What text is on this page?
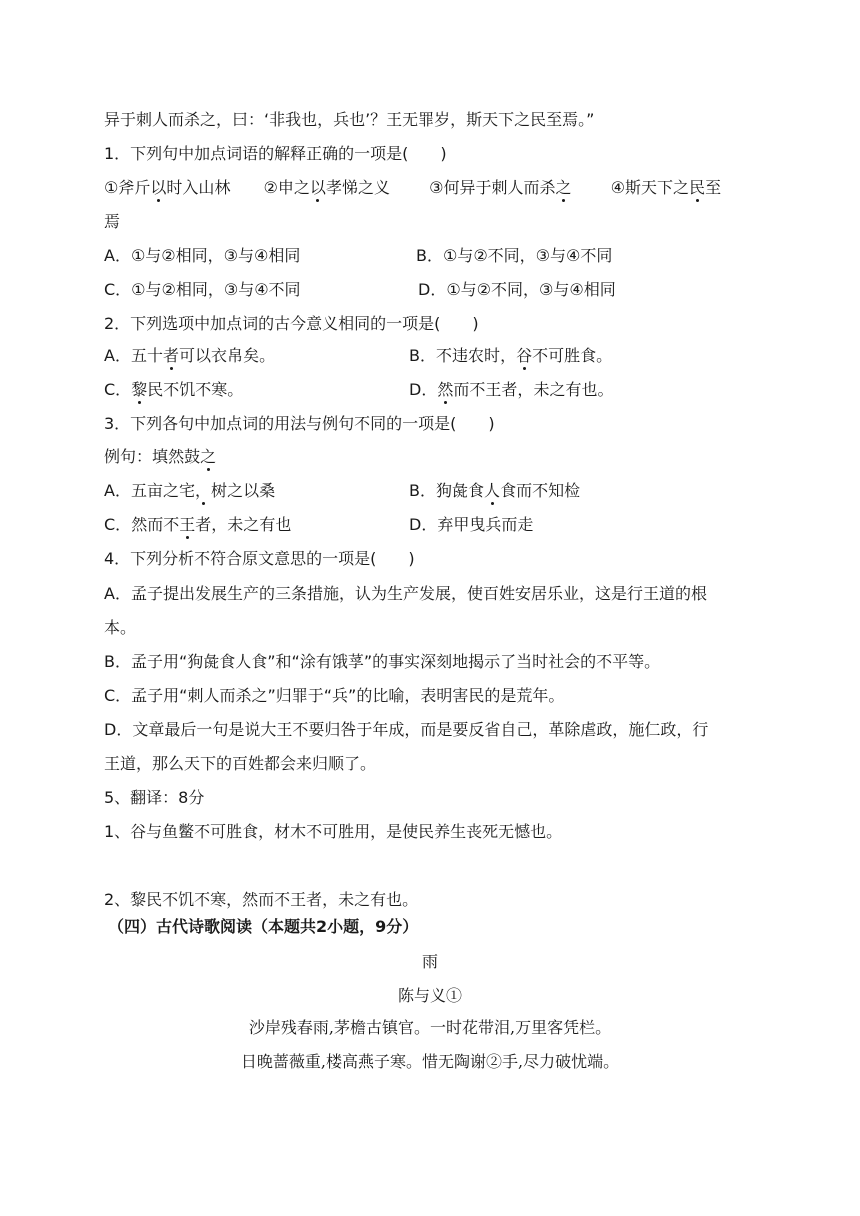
异于刺人而杀之，曰：‘非我也，兵也’？王无罪岁，斯天下之民至焉。”
1．下列句中加点词语的解释正确的一项是(　　)
①斧斤以时入山林 ②申之以孝悌之义 ③何异于刺人而杀之 ④斯天下之民至
焉
A．①与②相同，③与④相同	B．①与②不同，③与④不同
C．①与②相同，③与④不同	D．①与②不同，③与④相同
2．下列选项中加点词的古今意义相同的一项是(　　)
A．五十者可以衣帛矣。	B．不违农时，谷不可胜食。
C．黎民不饥不寒。	D．然而不王者，未之有也。
3．下列各句中加点词的用法与例句不同的一项是(　　)
例句：填然鼓之
A．五亩之宅，树之以桑	B．狗彘食人食而不知检
C．然而不王者，未之有也	D．弃甲曳兵而走
4．下列分析不符合原文意思的一项是(　　)
A．孟子提出发展生产的三条措施，认为生产发展，使百姓安居乐业，这是行王道的根
本。
B．孟子用“狗彘食人食”和“涂有饿莩”的事实深刻地揭示了当时社会的不平等。
C．孟子用“刺人而杀之”归罪于“兵”的比喻，表明害民的是荒年。
D．文章最后一句是说大王不要归咎于年成，而是要反省自己，革除虐政，施仁政，行
王道，那么天下的百姓都会来归顺了。
5、翻译：8分
1、谷与鱼鳖不可胜食，材木不可胜用，是使民养生丧死无憾也。
2、黎民不饥不寒，然而不王者，未之有也。
（四）古代诗歌阅读（本题共2小题，9分）
雨
陈与义①
沙岸残春雨,茅檐古镇官。一时花带泪,万里客凭栏。
日晚蔷薇重,楼高燕子寒。惜无陶谢②手,尽力破忧端。
